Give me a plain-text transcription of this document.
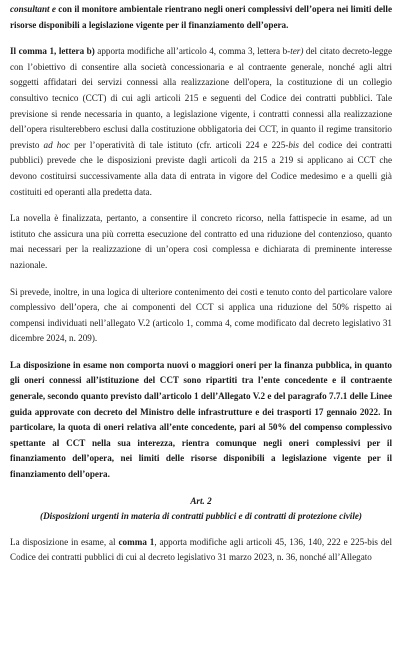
consultant e con il monitore ambientale rientrano negli oneri complessivi dell’opera nei limiti delle risorse disponibili a legislazione vigente per il finanziamento dell’opera.

Il comma 1, lettera b) apporta modifiche all’articolo 4, comma 3, lettera b-ter) del citato decreto-legge con l’obiettivo di consentire alla società concessionaria e al contraente generale, nonché agli altri soggetti affidatari dei servizi connessi alla realizzazione dell'opera, la costituzione di un collegio consultivo tecnico (CCT) di cui agli articoli 215 e seguenti del Codice dei contratti pubblici. Tale previsione si rende necessaria in quanto, a legislazione vigente, i contratti connessi alla realizzazione dell’opera risulterebbero esclusi dalla costituzione obbligatoria dei CCT, in quanto il regime transitorio previsto ad hoc per l’operatività di tale istituto (cfr. articoli 224 e 225-bis del codice dei contratti pubblici) prevede che le disposizioni previste dagli articoli da 215 a 219 si applicano ai CCT che devono costituirsi successivamente alla data di entrata in vigore del Codice medesimo e a quelli già costituiti ed operanti alla predetta data.

La novella è finalizzata, pertanto, a consentire il concreto ricorso, nella fattispecie in esame, ad un istituto che assicura una più corretta esecuzione del contratto ed una riduzione del contenzioso, quanto mai necessari per la realizzazione di un’opera così complessa e dichiarata di preminente interesse nazionale.

Si prevede, inoltre, in una logica di ulteriore contenimento dei costi e tenuto conto del particolare valore complessivo dell’opera, che ai componenti del CCT si applica una riduzione del 50% rispetto ai compensi individuati nell’allegato V.2 (articolo 1, comma 4, come modificato dal decreto legislativo 31 dicembre 2024, n. 209).

La disposizione in esame non comporta nuovi o maggiori oneri per la finanza pubblica, in quanto gli oneri connessi all’istituzione del CCT sono ripartiti tra l’ente concedente e il contraente generale, secondo quanto previsto dall’articolo 1 dell’Allegato V.2 e del paragrafo 7.7.1 delle Linee guida approvate con decreto del Ministro delle infrastrutture e dei trasporti 17 gennaio 2022. In particolare, la quota di oneri relativa all’ente concedente, pari al 50% del compenso complessivo spettante al CCT nella sua interezza, rientra comunque negli oneri complessivi per il finanziamento dell’opera, nei limiti delle risorse disponibili a legislazione vigente per il finanziamento dell’opera.

Art. 2

(Disposizioni urgenti in materia di contratti pubblici e di contratti di protezione civile)

La disposizione in esame, al comma 1, apporta modifiche agli articoli 45, 136, 140, 222 e 225-bis del Codice dei contratti pubblici di cui al decreto legislativo 31 marzo 2023, n. 36, nonché all’Allegato
